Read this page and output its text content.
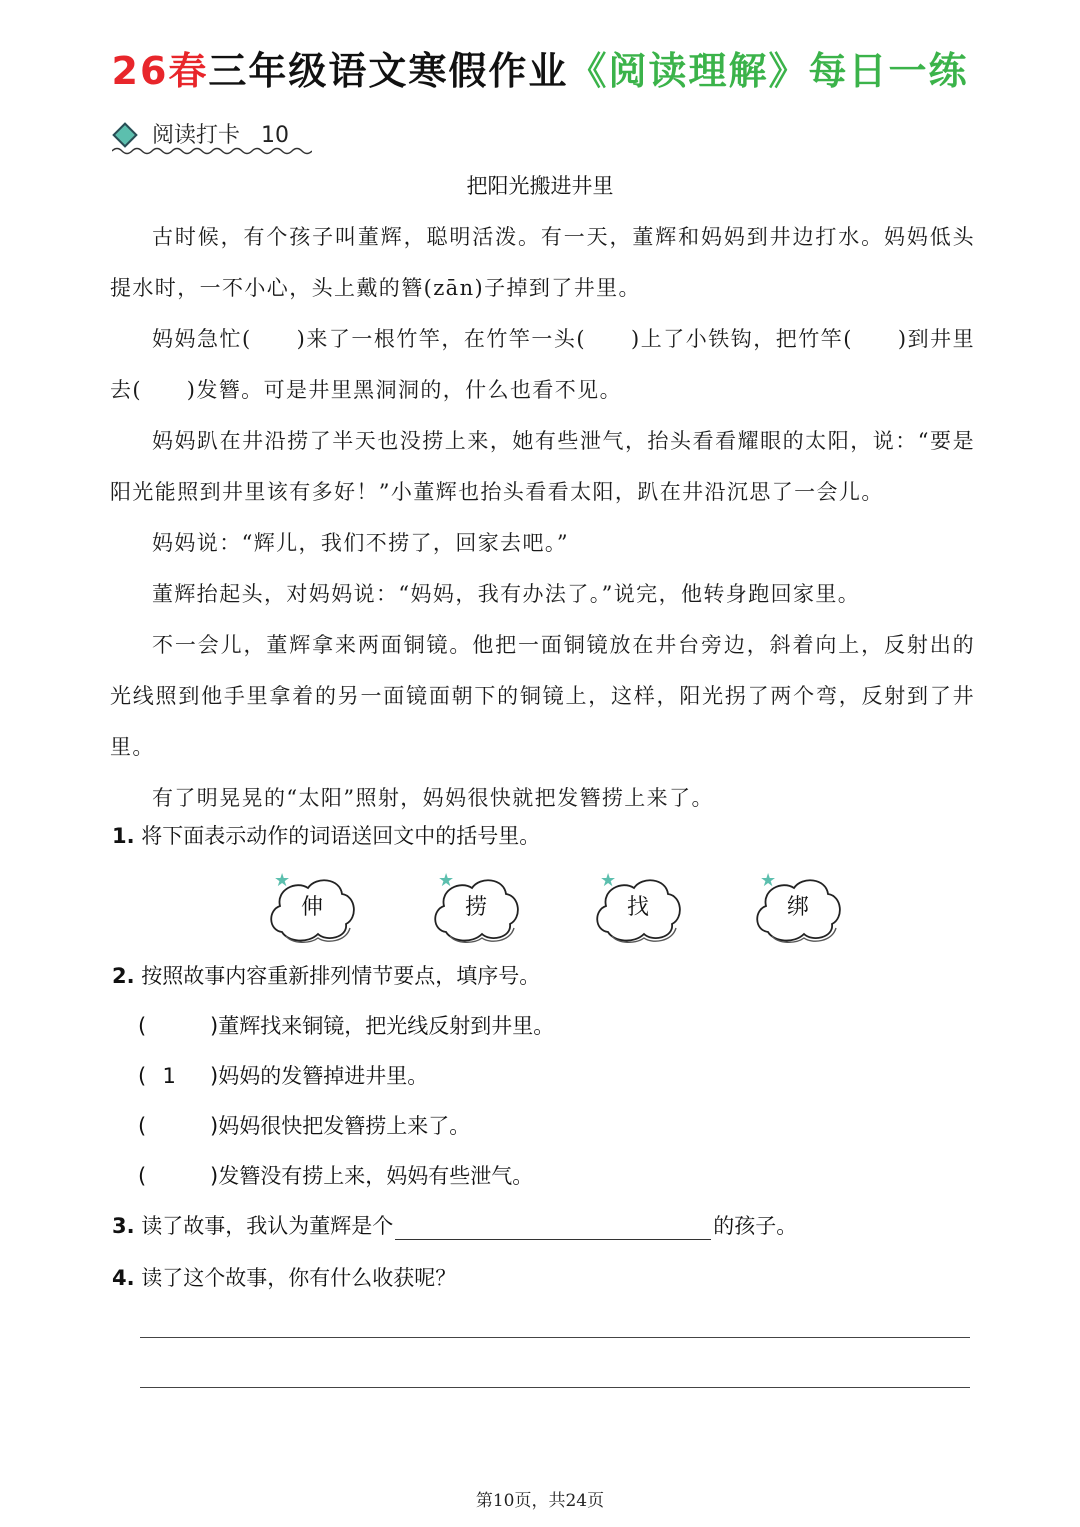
26春三年级语文寒假作业《阅读理解》每日一练
阅读打卡 10
把阳光搬进井里

古时候，有个孩子叫董辉，聪明活泼。有一天，董辉和妈妈到井边打水。妈妈低头提水时，一不小心，头上戴的簪(zān)子掉到了井里。

妈妈急忙(　　)来了一根竹竿，在竹竿一头(　　)上了小铁钩，把竹竿(　　)到井里去(　　)发簪。可是井里黑洞洞的，什么也看不见。

妈妈趴在井沿捞了半天也没捞上来，她有些泄气，抬头看看耀眼的太阳，说：“要是阳光能照到井里该有多好！”小董辉也抬头看看太阳，趴在井沿沉思了一会儿。

妈妈说：“辉儿，我们不捞了，回家去吧。”

董辉抬起头，对妈妈说：“妈妈，我有办法了。”说完，他转身跑回家里。

不一会儿，董辉拿来两面铜镜。他把一面铜镜放在井台旁边，斜着向上，反射出的光线照到他手里拿着的另一面镜面朝下的铜镜上，这样，阳光拐了两个弯，反射到了井里。

有了明晃晃的“太阳”照射，妈妈很快就把发簪捞上来了。

1. 将下面表示动作的词语送回文中的括号里。
★
伸
★
捞
★
找
★
绑
2. 按照故事内容重新排列情节要点，填序号。
(	)董辉找来铜镜，把光线反射到井里。
( 1 )妈妈的发簪掉进井里。
(	)妈妈很快把发簪捞上来了。
(	)发簪没有捞上来，妈妈有些泄气。
3. 读了故事，我认为董辉是个	的孩子。
4. 读了这个故事，你有什么收获呢？
第10页，共24页
